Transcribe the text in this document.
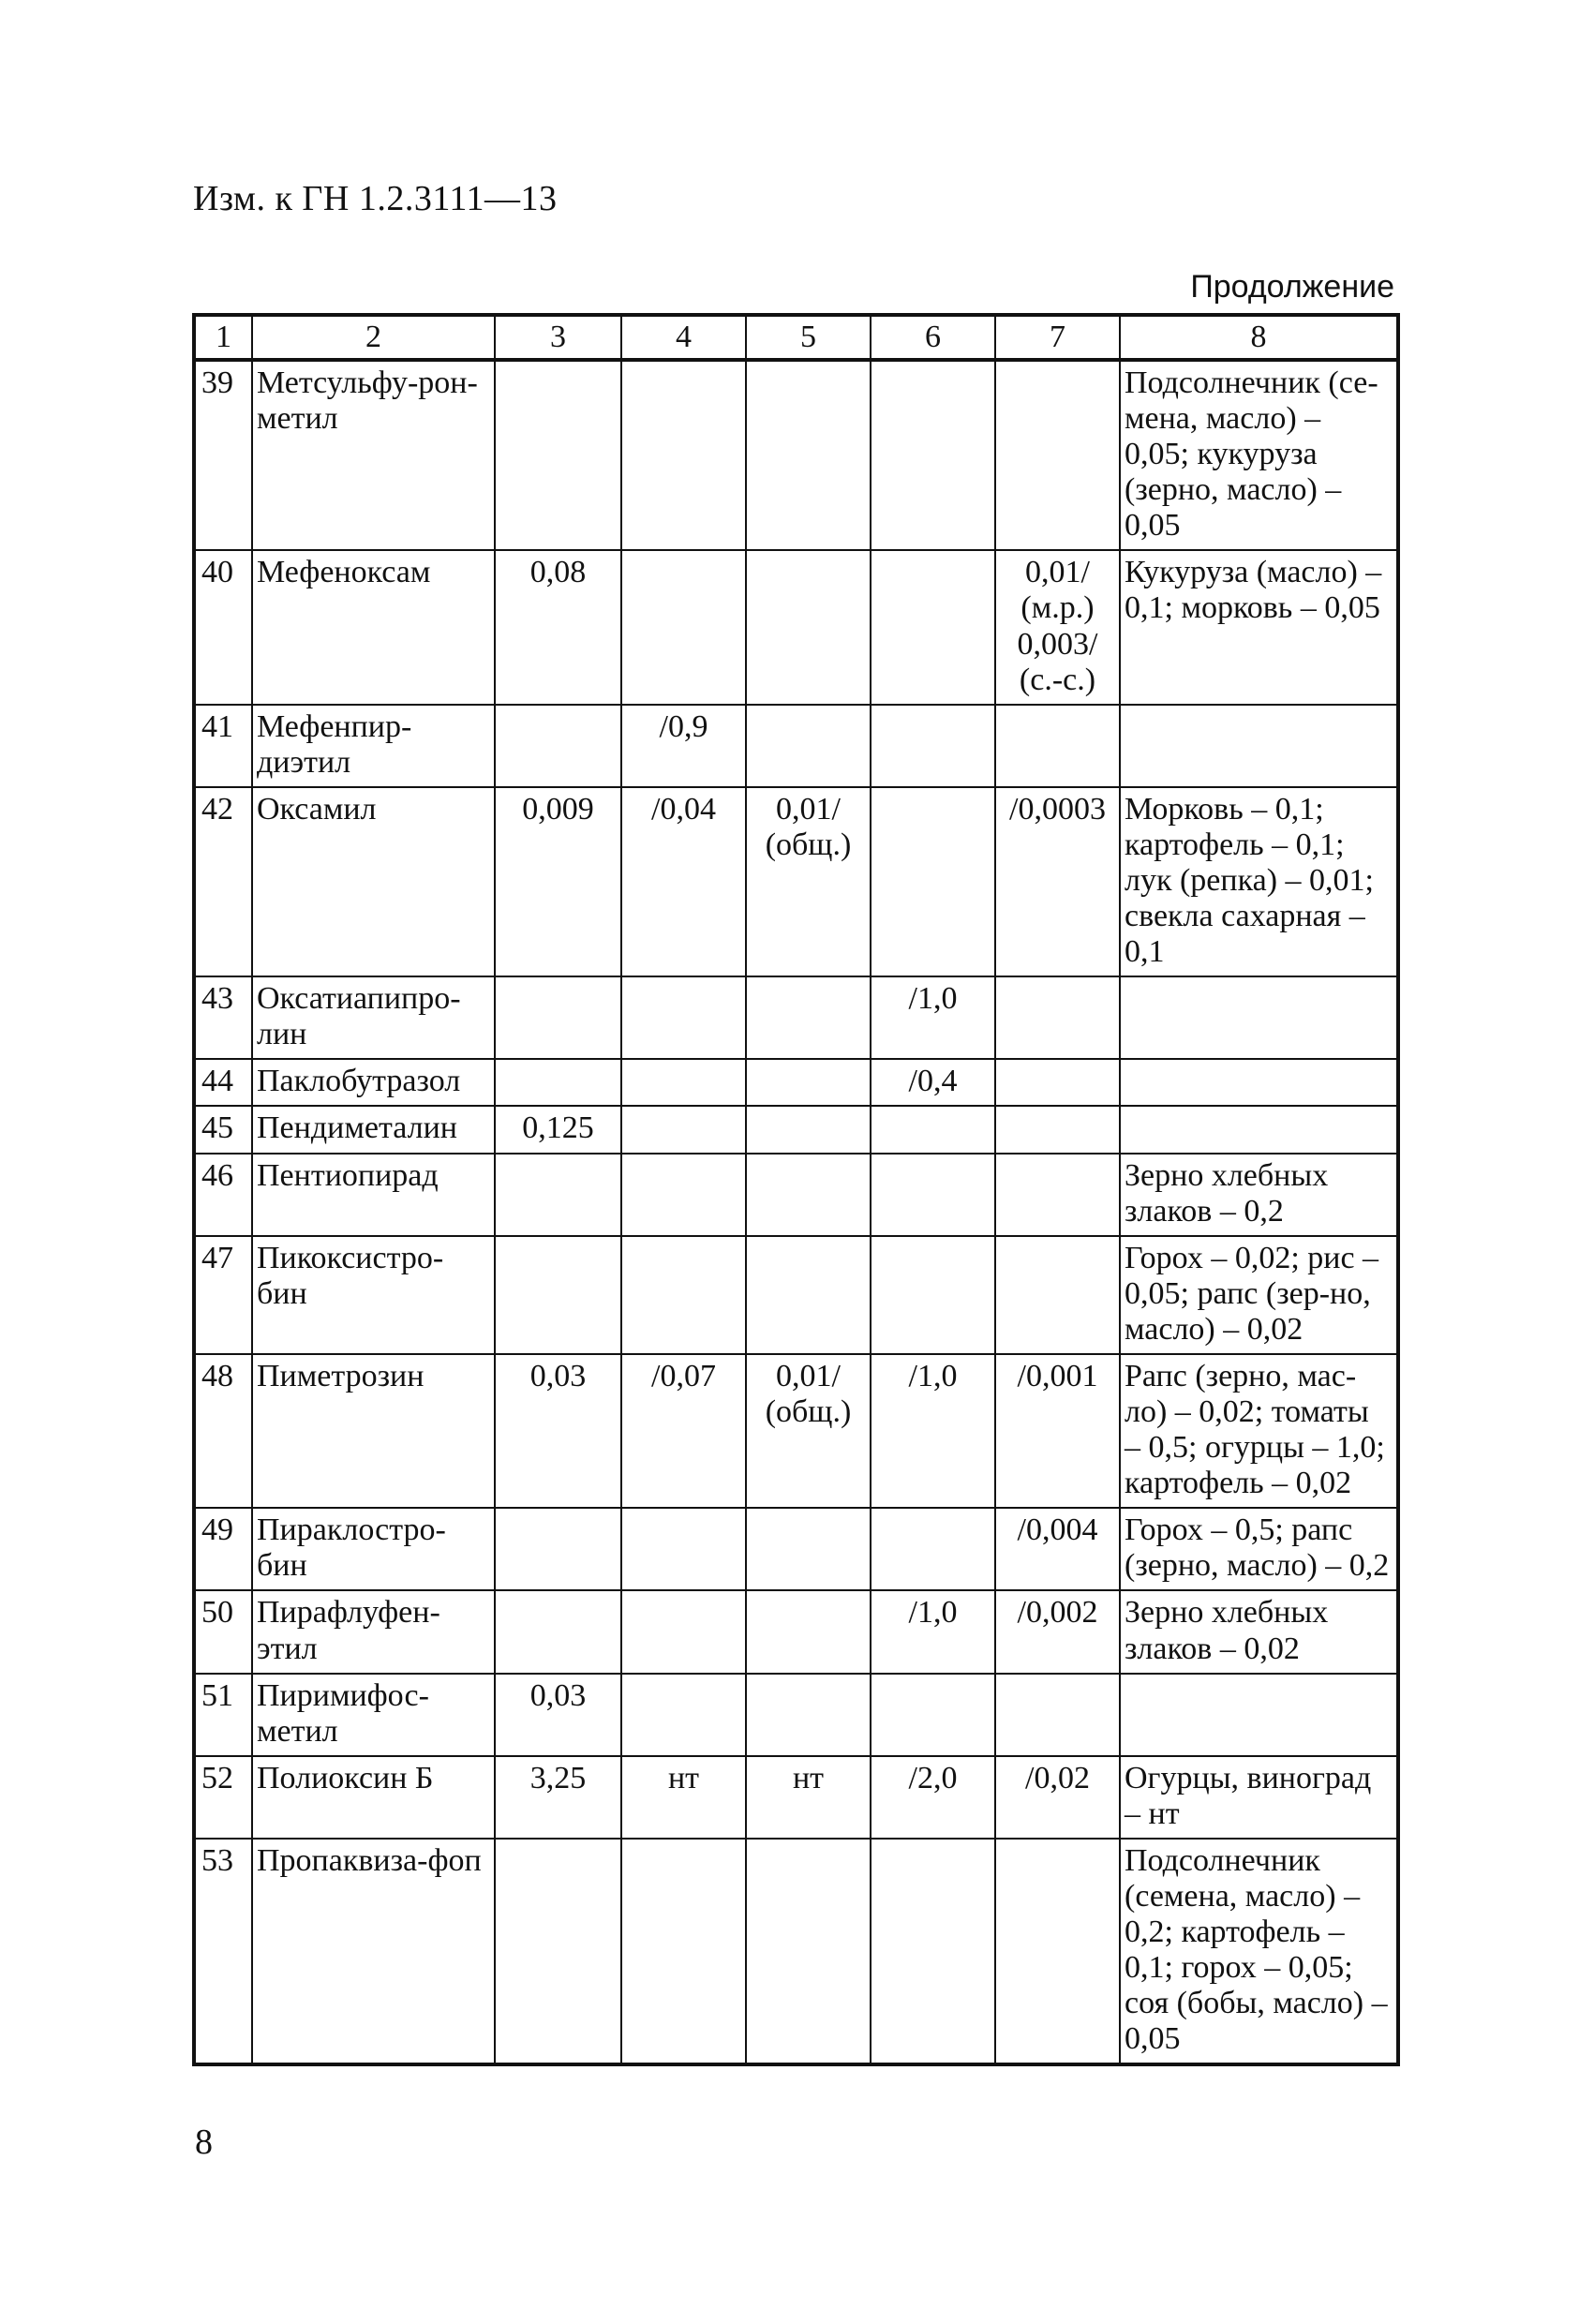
Изм. к ГН 1.2.3111—13
Продолжение
1	2	3	4	5	6	7	8
39	Метсульфу-рон-метил						Подсолнечник (се-мена, масло) – 0,05; кукуруза (зерно, масло) – 0,05
40	Мефеноксам	0,08				0,01/ (м.р.) 0,003/ (с.-с.)	Кукуруза (масло) – 0,1; морковь – 0,05
41	Мефенпир-диэтил		/0,9				
42	Оксамил	0,009	/0,04	0,01/ (общ.)		/0,0003	Морковь – 0,1; картофель – 0,1; лук (репка) – 0,01; свекла сахарная – 0,1
43	Оксатиапипро-лин				/1,0		
44	Паклобутразол				/0,4		
45	Пендиметалин	0,125					
46	Пентиопирад						Зерно хлебных злаков – 0,2
47	Пикоксистро-бин						Горох – 0,02; рис – 0,05; рапс (зер-но, масло) – 0,02
48	Пиметрозин	0,03	/0,07	0,01/ (общ.)	/1,0	/0,001	Рапс (зерно, мас-ло) – 0,02; томаты – 0,5; огурцы – 1,0; картофель – 0,02
49	Пираклостро-бин					/0,004	Горох – 0,5; рапс (зерно, масло) – 0,2
50	Пирафлуфен-этил				/1,0	/0,002	Зерно хлебных злаков – 0,02
51	Пиримифос-метил	0,03					
52	Полиоксин Б	3,25	нт	нт	/2,0	/0,02	Огурцы, виноград – нт
53	Пропаквиза-фоп						Подсолнечник (семена, масло) – 0,2; картофель – 0,1; горох – 0,05; соя (бобы, масло) – 0,05
8
